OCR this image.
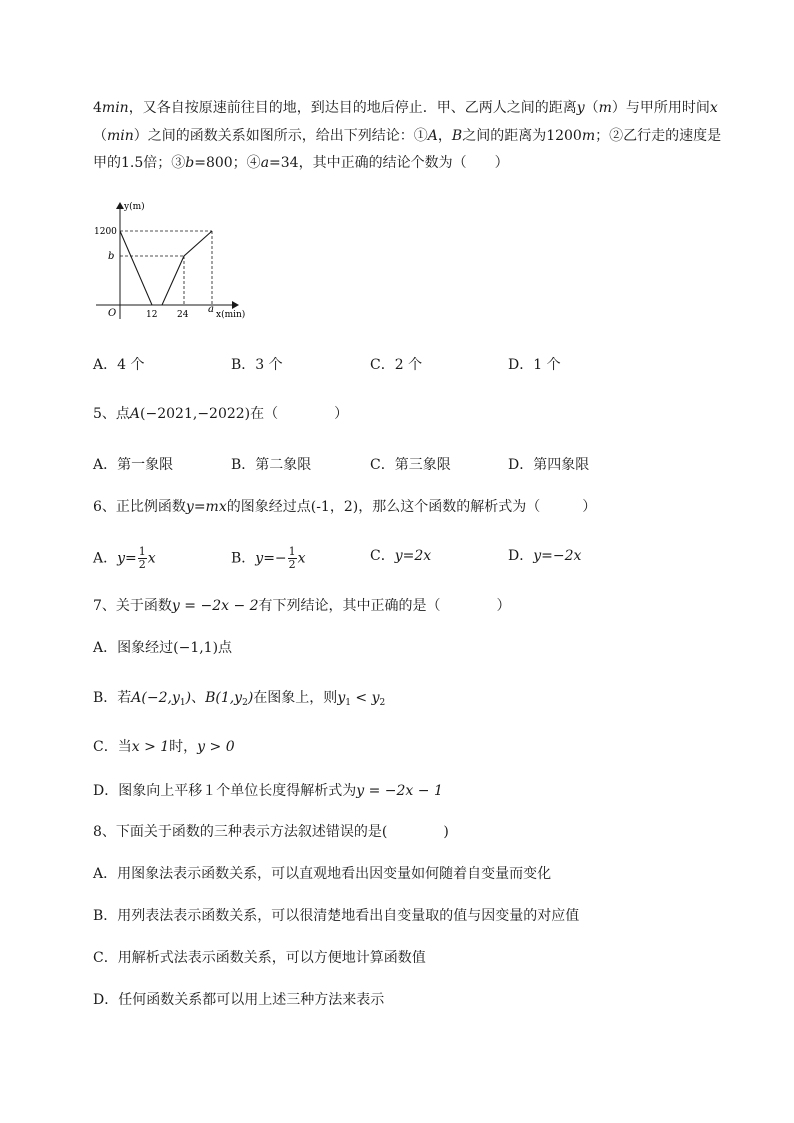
4min，又各自按原速前往目的地，到达目的地后停止．甲、乙两人之间的距离y（m）与甲所用时间x
（min）之间的函数关系如图所示，给出下列结论：①A，B之间的距离为1200m；②乙行走的速度是
甲的1.5倍；③b=800；④a=34，其中正确的结论个数为（　　）
y(m)
x(min)
O
1200
b
12 24 a
A．4 个	B．3 个	C．2 个	D．1 个
5、点A(−2021,−2022)在（　　　　）
A．第一象限	B．第二象限	C．第三象限	D．第四象限
6、正比例函数y=mx的图象经过点(-1，2)，那么这个函数的解析式为（　　　）
A．$y= \frac{1}{2}$ x	B．$y=- \frac{1}{2}$ x	C．y=2x	D．y=−2x
7、关于函数y = −2x − 2有下列结论，其中正确的是（　　　　）
A．图象经过(−1,1)点
B．若$A(-2,y_1)$、$B(1,y_2)$在图象上，则$y_1 < y_2$
C．当x > 1时，y > 0
D．图象向上平移１个单位长度得解析式为y = −2x − 1
8、下面关于函数的三种表示方法叙述错误的是(　　　　)
A．用图象法表示函数关系，可以直观地看出因变量如何随着自变量而变化
B．用列表法表示函数关系，可以很清楚地看出自变量取的值与因变量的对应值
C．用解析式法表示函数关系，可以方便地计算函数值
D．任何函数关系都可以用上述三种方法来表示
